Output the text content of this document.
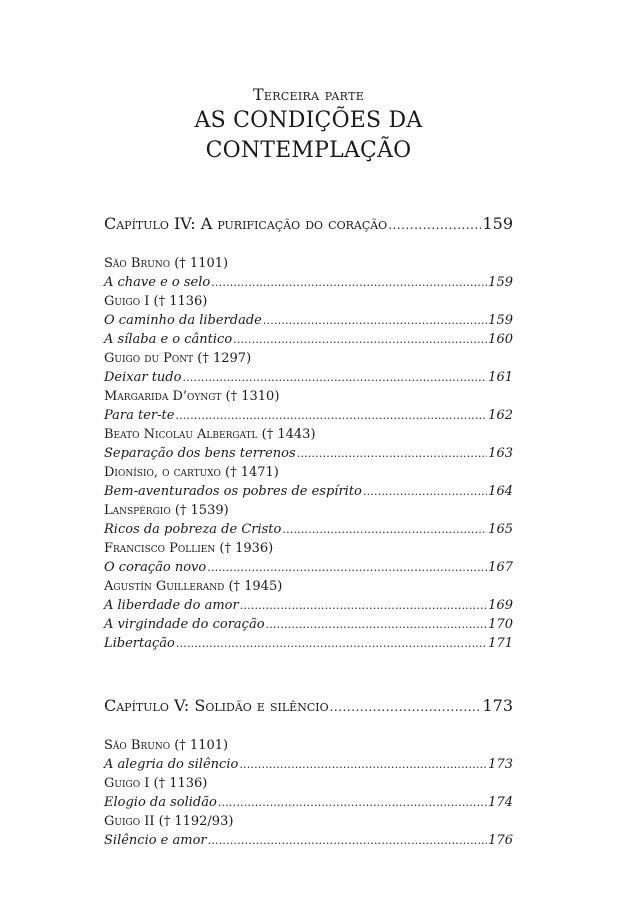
Terceira parte
AS CONDIÇÕES DA CONTEMPLAÇÃO
Capítulo IV: A purificação do coração .....	159
São Bruno († 1101)
A chave e o selo .....	159
Guigo I († 1136)
O caminho da liberdade .....	159
A sílaba e o cântico .....	160
Guigo du Pont († 1297)
Deixar tudo .....	161
Margarida D’oyngt († 1310)
Para ter-te .....	162
Beato Nicolau Albergatl († 1443)
Separação dos bens terrenos .....	163
Dionísio, o cartuxo († 1471)
Bem-aventurados os pobres de espírito .....	164
Lanspérgio († 1539)
Ricos da pobreza de Cristo .....	165
Francisco Pollien († 1936)
O coração novo .....	167
Agustín Guillerand († 1945)
A liberdade do amor .....	169
A virgindade do coração .....	170
Libertação .....	171
Capítulo V: Solidão e silêncio .....	173
São Bruno († 1101)
A alegria do silêncio .....	173
Guigo I († 1136)
Elogio da solidão .....	174
Guigo II († 1192/93)
Silêncio e amor .....	176
